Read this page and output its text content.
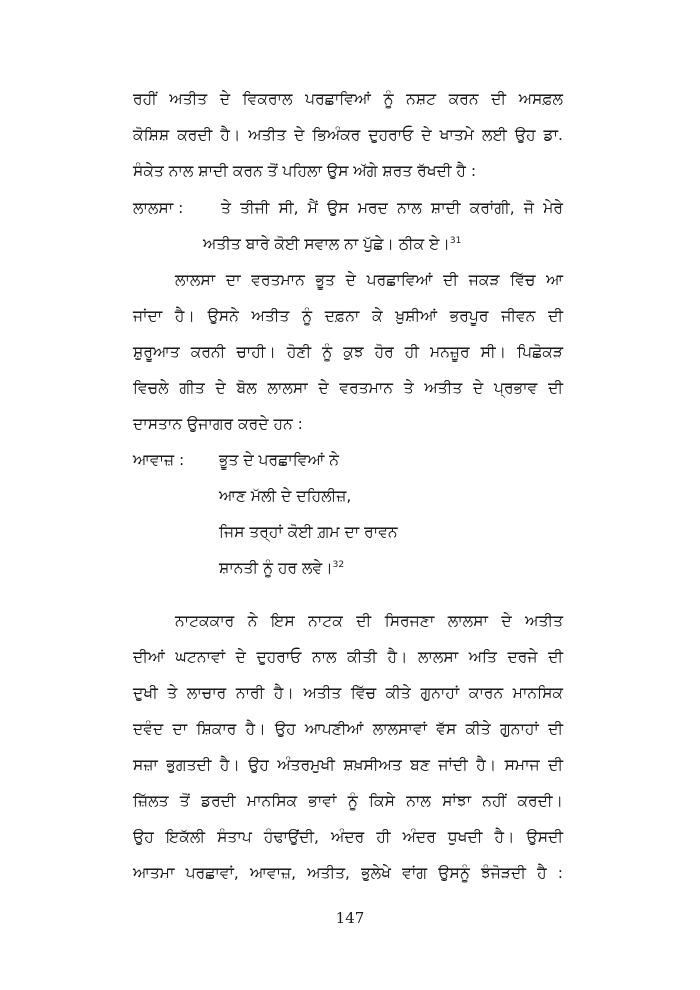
ਰਹੀਂ ਅਤੀਤ ਦੇ ਵਿਕਰਾਲ ਪਰਛਾਵਿਆਂ ਨੂੰ ਨਸ਼ਟ ਕਰਨ ਦੀ ਅਸਫ਼ਲ
ਕੋਸ਼ਿਸ਼ ਕਰਦੀ ਹੈ। ਅਤੀਤ ਦੇ ਭਿਅੰਕਰ ਦੁਹਰਾਓ ਦੇ ਖਾਤਮੇ ਲਈ ਉਹ ਡਾ.
ਸੰਕੇਤ ਨਾਲ ਸ਼ਾਦੀ ਕਰਨ ਤੋਂ ਪਹਿਲਾ ਉਸ ਅੱਗੇ ਸ਼ਰਤ ਰੱਖਦੀ ਹੈ :
ਲਾਲਸਾ : ਤੇ ਤੀਜੀ ਸੀ, ਮੈਂ ਉਸ ਮਰਦ ਨਾਲ ਸ਼ਾਦੀ ਕਰਾਂਗੀ, ਜੋ ਮੇਰੇ
ਅਤੀਤ ਬਾਰੇ ਕੋਈ ਸਵਾਲ ਨਾ ਪੁੱਛੇ। ਠੀਕ ਏ।$^{31}$
ਲਾਲਸਾ ਦਾ ਵਰਤਮਾਨ ਭੂਤ ਦੇ ਪਰਛਾਵਿਆਂ ਦੀ ਜਕੜ ਵਿੱਚ ਆ
ਜਾਂਦਾ ਹੈ। ਉਸਨੇ ਅਤੀਤ ਨੂੰ ਦਫ਼ਨਾ ਕੇ ਖ਼ੁਸ਼ੀਆਂ ਭਰਪੂਰ ਜੀਵਨ ਦੀ
ਸ਼ੁਰੂਆਤ ਕਰਨੀ ਚਾਹੀ। ਹੋਣੀ ਨੂੰ ਕੁਝ ਹੋਰ ਹੀ ਮਨਜ਼ੂਰ ਸੀ। ਪਿਛੋਕੜ
ਵਿਚਲੇ ਗੀਤ ਦੇ ਬੋਲ ਲਾਲਸਾ ਦੇ ਵਰਤਮਾਨ ਤੇ ਅਤੀਤ ਦੇ ਪ੍ਰਭਾਵ ਦੀ
ਦਾਸਤਾਨ ਉਜਾਗਰ ਕਰਦੇ ਹਨ :
ਆਵਾਜ਼ : ਭੂਤ ਦੇ ਪਰਛਾਵਿਆਂ ਨੇ
ਆਣ ਮੱਲੀ ਦੇ ਦਹਿਲੀਜ਼,
ਜਿਸ ਤਰ੍ਹਾਂ ਕੋਈ ਗ਼ਮ ਦਾ ਰਾਵਨ
ਸ਼ਾਨਤੀ ਨੂੰ ਹਰ ਲਵੇ।$^{32}$
ਨਾਟਕਕਾਰ ਨੇ ਇਸ ਨਾਟਕ ਦੀ ਸਿਰਜਣਾ ਲਾਲਸਾ ਦੇ ਅਤੀਤ
ਦੀਆਂ ਘਟਨਾਵਾਂ ਦੇ ਦੁਹਰਾਓ ਨਾਲ ਕੀਤੀ ਹੈ। ਲਾਲਸਾ ਅਤਿ ਦਰਜੇ ਦੀ
ਦੁਖੀ ਤੇ ਲਾਚਾਰ ਨਾਰੀ ਹੈ। ਅਤੀਤ ਵਿੱਚ ਕੀਤੇ ਗੁਨਾਹਾਂ ਕਾਰਨ ਮਾਨਸਿਕ
ਦਵੰਦ ਦਾ ਸ਼ਿਕਾਰ ਹੈ। ਉਹ ਆਪਣੀਆਂ ਲਾਲਸਾਵਾਂ ਵੱਸ ਕੀਤੇ ਗੁਨਾਹਾਂ ਦੀ
ਸਜ਼ਾ ਭੁਗਤਦੀ ਹੈ। ਉਹ ਅੰਤਰਮੁਖੀ ਸ਼ਖ਼ਸੀਅਤ ਬਣ ਜਾਂਦੀ ਹੈ। ਸਮਾਜ ਦੀ
ਜ਼ਿੱਲਤ ਤੋਂ ਡਰਦੀ ਮਾਨਸਿਕ ਭਾਵਾਂ ਨੂੰ ਕਿਸੇ ਨਾਲ ਸਾਂਝਾ ਨਹੀਂ ਕਰਦੀ।
ਉਹ ਇਕੱਲੀ ਸੰਤਾਪ ਹੰਢਾਉਂਦੀ, ਅੰਦਰ ਹੀ ਅੰਦਰ ਧੁਖਦੀ ਹੈ। ਉਸਦੀ
ਆਤਮਾ ਪਰਛਾਵਾਂ, ਆਵਾਜ਼, ਅਤੀਤ, ਭੁਲੇਖੇ ਵਾਂਗ ਉਸਨੂੰ ਝੰਜੋੜਦੀ ਹੈ :
147
